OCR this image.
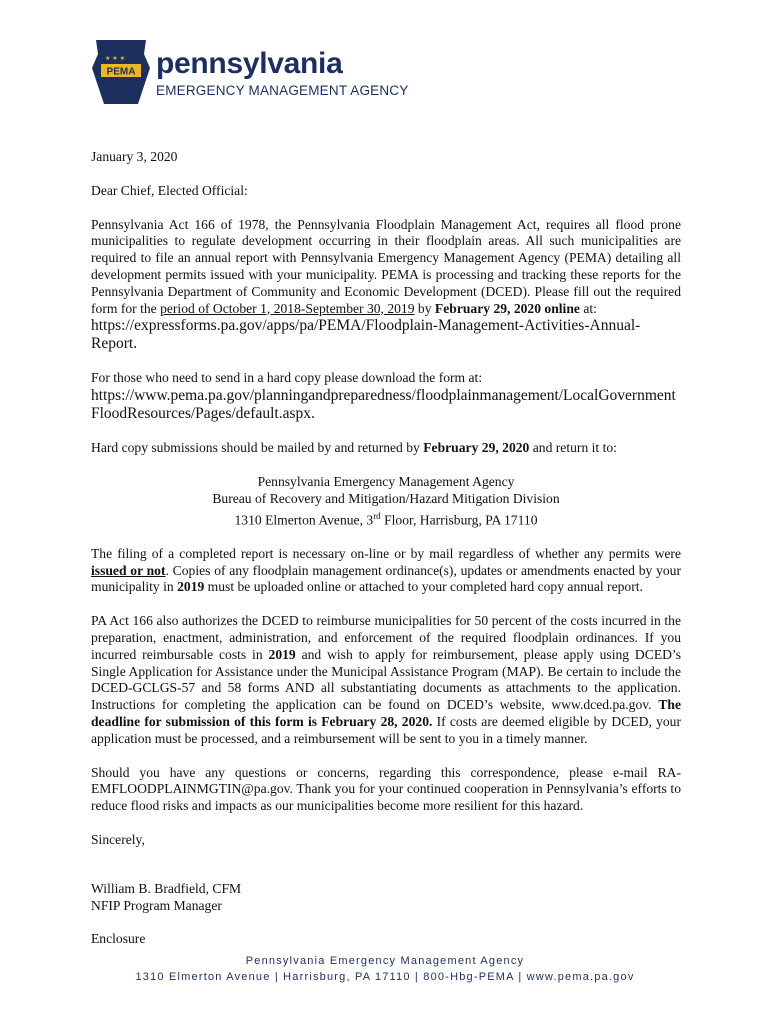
★ ★ ★
PEMA pennsylvania
EMERGENCY MANAGEMENT AGENCY

January 3, 2020

Dear Chief, Elected Official:

Pennsylvania Act 166 of 1978, the Pennsylvania Floodplain Management Act, requires all flood prone municipalities to regulate development occurring in their floodplain areas. All such municipalities are required to file an annual report with Pennsylvania Emergency Management Agency (PEMA) detailing all development permits issued with your municipality. PEMA is processing and tracking these reports for the Pennsylvania Department of Community and Economic Development (DCED). Please fill out the required form for the period of October 1, 2018-September 30, 2019 by February 29, 2020 online at:
https://expressforms.pa.gov/apps/pa/PEMA/Floodplain-Management-Activities-Annual-Report.

For those who need to send in a hard copy please download the form at:
https://www.pema.pa.gov/planningandpreparedness/floodplainmanagement/LocalGovernmentFloodResources/Pages/default.aspx.

Hard copy submissions should be mailed by and returned by February 29, 2020 and return it to:

Pennsylvania Emergency Management Agency
Bureau of Recovery and Mitigation/Hazard Mitigation Division
1310 Elmerton Avenue, 3rd Floor, Harrisburg, PA 17110

The filing of a completed report is necessary on-line or by mail regardless of whether any permits were issued or not. Copies of any floodplain management ordinance(s), updates or amendments enacted by your municipality in 2019 must be uploaded online or attached to your completed hard copy annual report.

PA Act 166 also authorizes the DCED to reimburse municipalities for 50 percent of the costs incurred in the preparation, enactment, administration, and enforcement of the required floodplain ordinances. If you incurred reimbursable costs in 2019 and wish to apply for reimbursement, please apply using DCED’s Single Application for Assistance under the Municipal Assistance Program (MAP). Be certain to include the DCED-GCLGS-57 and 58 forms AND all substantiating documents as attachments to the application. Instructions for completing the application can be found on DCED’s website, www.dced.pa.gov. The deadline for submission of this form is February 28, 2020. If costs are deemed eligible by DCED, your application must be processed, and a reimbursement will be sent to you in a timely manner.

Should you have any questions or concerns, regarding this correspondence, please e-mail RA-EMFLOODPLAINMGTIN@pa.gov. Thank you for your continued cooperation in Pennsylvania’s efforts to reduce flood risks and impacts as our municipalities become more resilient for this hazard.

Sincerely,

William B. Bradfield, CFM
NFIP Program Manager

Enclosure

Pennsylvania Emergency Management Agency
1310 Elmerton Avenue | Harrisburg, PA 17110 | 800-Hbg-PEMA | www.pema.pa.gov
